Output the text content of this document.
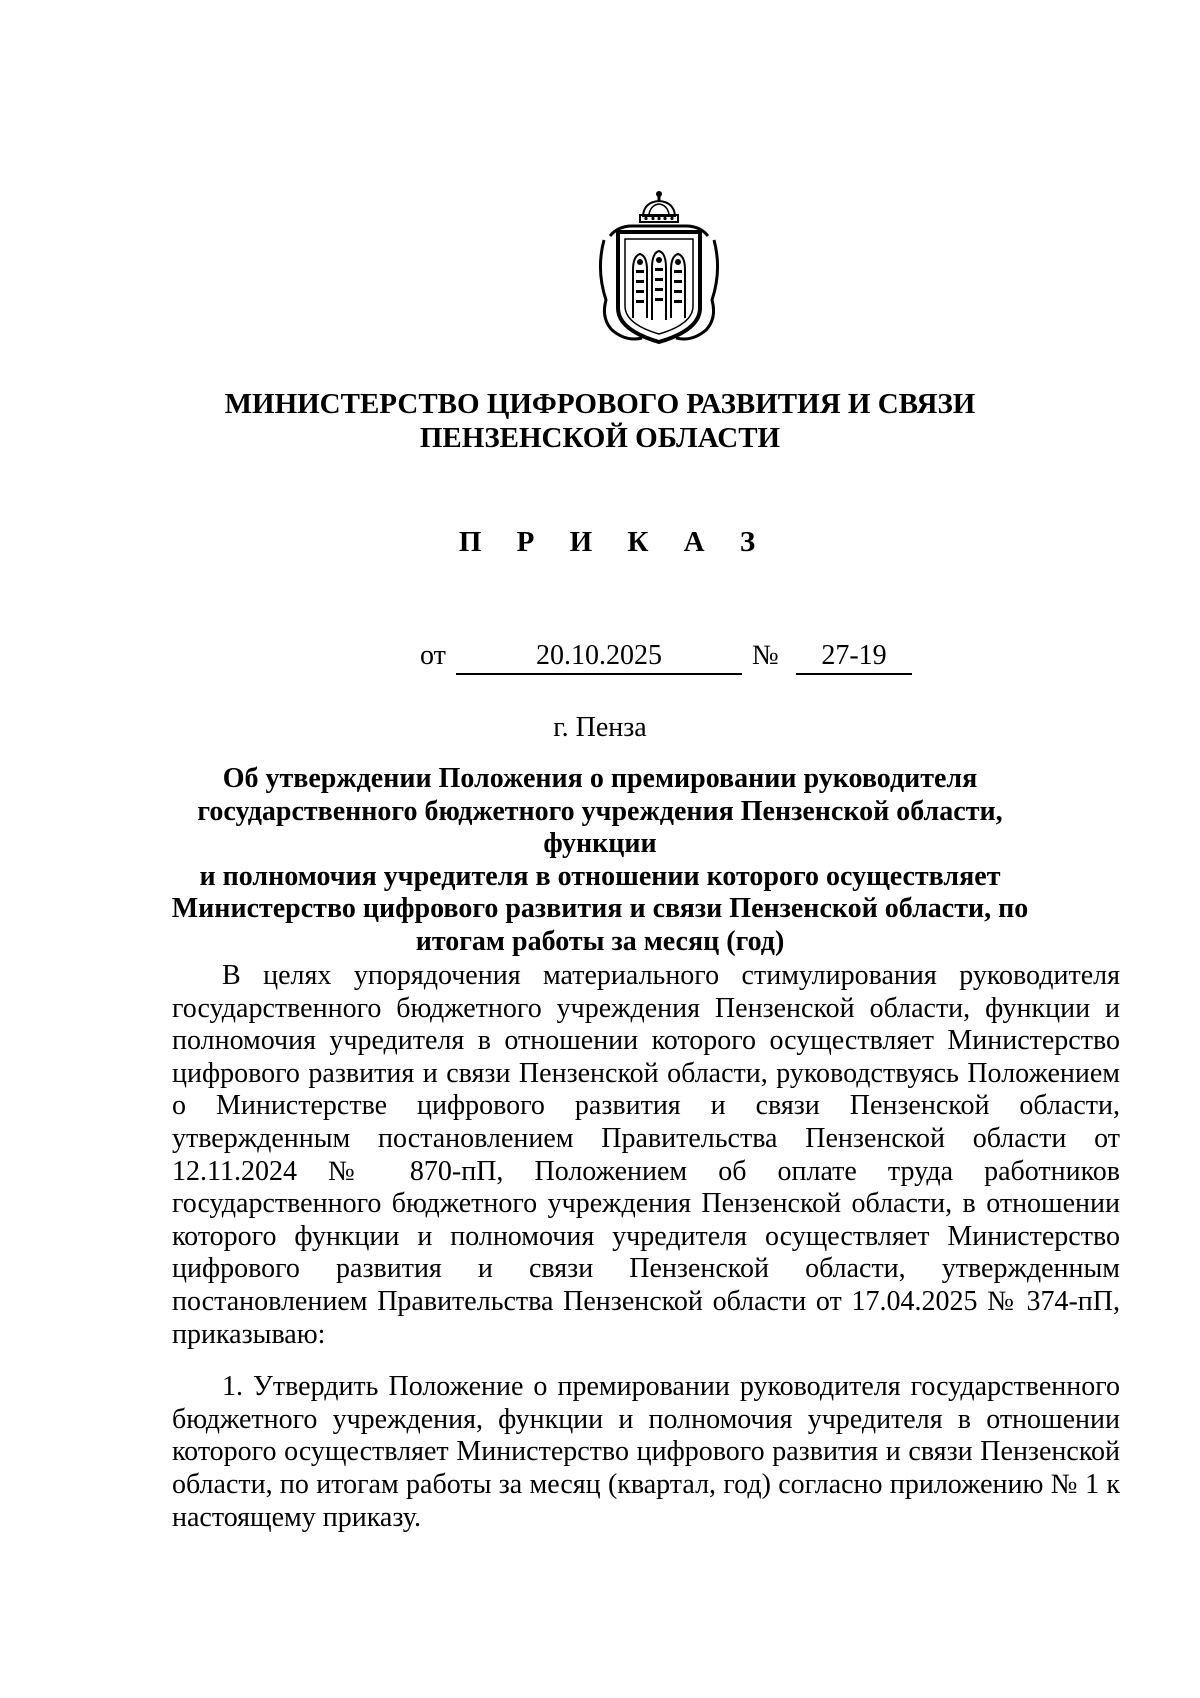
МИНИСТЕРСТВО ЦИФРОВОГО РАЗВИТИЯ И СВЯЗИ
ПЕНЗЕНСКОЙ ОБЛАСТИ
П Р И К А З
от	20.10.2025	№	27-19
г. Пенза
Об утверждении Положения о премировании руководителя
государственного бюджетного учреждения Пензенской области, функции
и полномочия учредителя в отношении которого осуществляет
Министерство цифрового развития и связи Пензенской области, по
итогам работы за месяц (год)

В целях упорядочения материального стимулирования руководителя государственного бюджетного учреждения Пензенской области, функции и полномочия учредителя в отношении которого осуществляет Министерство цифрового развития и связи Пензенской области, руководствуясь Положением о Министерстве цифрового развития и связи Пензенской области, утвержденным постановлением Правительства Пензенской области от 12.11.2024 № 870-пП, Положением об оплате труда работников государственного бюджетного учреждения Пензенской области, в отношении которого функции и полномочия учредителя осуществляет Министерство цифрового развития и связи Пензенской области, утвержденным постановлением Правительства Пензенской области от 17.04.2025 № 374-пП, приказываю:

1. Утвердить Положение о премировании руководителя государственного бюджетного учреждения, функции и полномочия учредителя в отношении которого осуществляет Министерство цифрового развития и связи Пензенской области, по итогам работы за месяц (квартал, год) согласно приложению № 1 к настоящему приказу.
